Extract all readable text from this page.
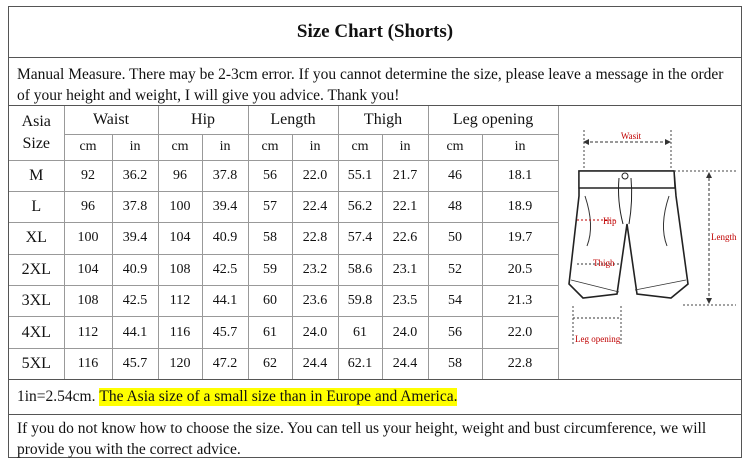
Size Chart (Shorts)
Manual Measure. There may be 2-3cm error. If you cannot determine the size, please leave a message in the order of your height and weight, I will give you advice. Thank you!
Asia
Size	Waist		Hip		Length		Thigh		Leg opening	
	cm	in	cm	in	cm	in	cm	in	cm	in
M	92	36.2	96	37.8	56	22.0	55.1	21.7	46	18.1
L	96	37.8	100	39.4	57	22.4	56.2	22.1	48	18.9
XL	100	39.4	104	40.9	58	22.8	57.4	22.6	50	19.7
2XL	104	40.9	108	42.5	59	23.2	58.6	23.1	52	20.5
3XL	108	42.5	112	44.1	60	23.6	59.8	23.5	54	21.3
4XL	112	44.1	116	45.7	61	24.0	61	24.0	56	22.0
5XL	116	45.7	120	47.2	62	24.4	62.1	24.4	58	22.8
Wasit
Hip
Thigh
Length
Leg opening
1in=2.54cm. The Asia size of a small size than in Europe and America.
If you do not know how to choose the size. You can tell us your height, weight and bust circumference, we will provide you with the correct advice.
